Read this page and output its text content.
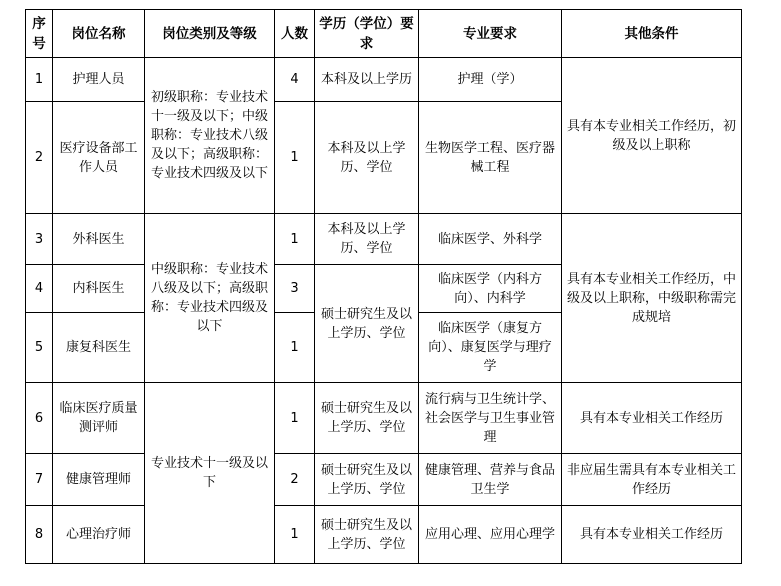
序号	岗位名称	岗位类别及等级	人数	学历（学位）要求	专业要求	其他条件
1	护理人员	初级职称：专业技术十一级及以下；中级职称：专业技术八级及以下；高级职称：专业技术四级及以下	4	本科及以上学历	护理（学）	具有本专业相关工作经历，初级及以上职称
2	医疗设备部工作人员		1	本科及以上学历、学位	生物医学工程、医疗器械工程	
3	外科医生	中级职称：专业技术八级及以下；高级职称：专业技术四级及以下	1	本科及以上学历、学位	临床医学、外科学	具有本专业相关工作经历，中级及以上职称，中级职称需完成规培
4	内科医生		3	硕士研究生及以上学历、学位	临床医学（内科方向）、内科学	
5	康复科医生		1		临床医学（康复方向）、康复医学与理疗学	
6	临床医疗质量测评师	专业技术十一级及以下	1	硕士研究生及以上学历、学位	流行病与卫生统计学、社会医学与卫生事业管理	具有本专业相关工作经历
7	健康管理师		2	硕士研究生及以上学历、学位	健康管理、营养与食品卫生学	非应届生需具有本专业相关工作经历
8	心理治疗师		1	硕士研究生及以上学历、学位	应用心理、应用心理学	具有本专业相关工作经历
